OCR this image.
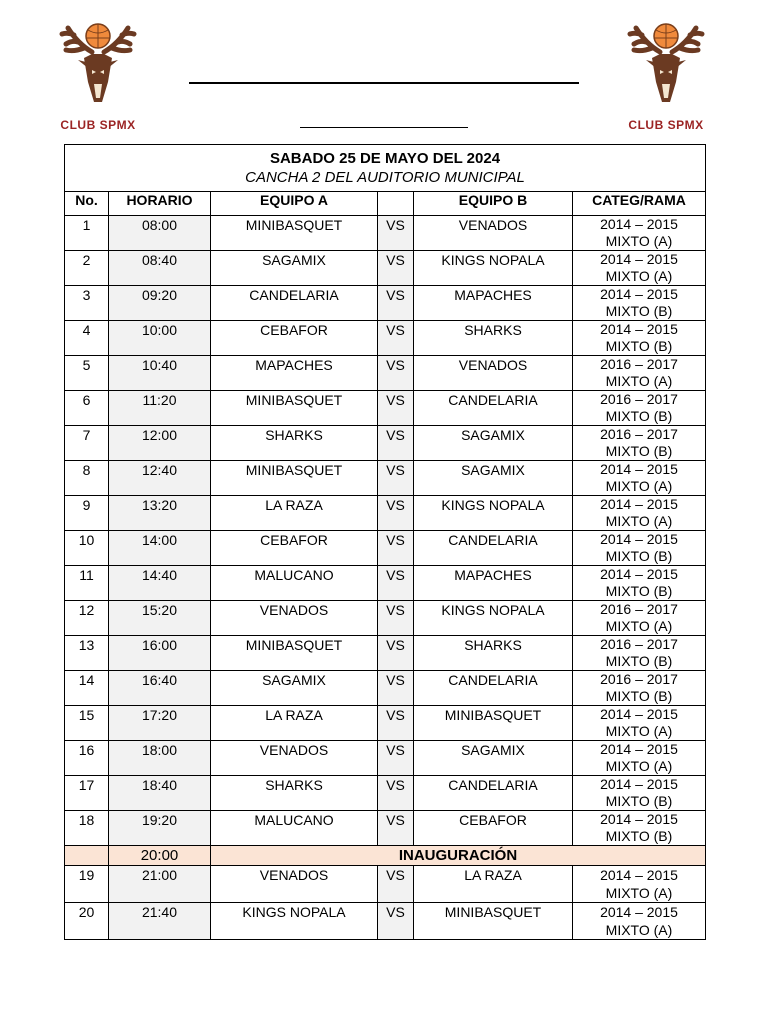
CLUB SPMX	CLUB SPMX
SABADO 25 DE MAYO DEL 2024
CANCHA 2 DEL AUDITORIO MUNICIPAL					

No.	HORARIO	EQUIPO A		EQUIPO B	CATEG/RAMA

1	08:00	MINIBASQUET	VS	VENADOS	2014 – 2015
MIXTO (A)

2	08:40	SAGAMIX	VS	KINGS NOPALA	2014 – 2015
MIXTO (A)

3	09:20	CANDELARIA	VS	MAPACHES	2014 – 2015
MIXTO (B)

4	10:00	CEBAFOR	VS	SHARKS	2014 – 2015
MIXTO (B)

5	10:40	MAPACHES	VS	VENADOS	2016 – 2017
MIXTO (A)

6	11:20	MINIBASQUET	VS	CANDELARIA	2016 – 2017
MIXTO (B)

7	12:00	SHARKS	VS	SAGAMIX	2016 – 2017
MIXTO (B)

8	12:40	MINIBASQUET	VS	SAGAMIX	2014 – 2015
MIXTO (A)

9	13:20	LA RAZA	VS	KINGS NOPALA	2014 – 2015
MIXTO (A)

10	14:00	CEBAFOR	VS	CANDELARIA	2014 – 2015
MIXTO (B)

11	14:40	MALUCANO	VS	MAPACHES	2014 – 2015
MIXTO (B)

12	15:20	VENADOS	VS	KINGS NOPALA	2016 – 2017
MIXTO (A)

13	16:00	MINIBASQUET	VS	SHARKS	2016 – 2017
MIXTO (B)

14	16:40	SAGAMIX	VS	CANDELARIA	2016 – 2017
MIXTO (B)

15	17:20	LA RAZA	VS	MINIBASQUET	2014 – 2015
MIXTO (A)

16	18:00	VENADOS	VS	SAGAMIX	2014 – 2015
MIXTO (A)

17	18:40	SHARKS	VS	CANDELARIA	2014 – 2015
MIXTO (B)

18	19:20	MALUCANO	VS	CEBAFOR	2014 – 2015
MIXTO (B)

	20:00	INAUGURACIÓN			

19	21:00	VENADOS	VS	LA RAZA	2014 – 2015
MIXTO (A)

20	21:40	KINGS NOPALA	VS	MINIBASQUET	2014 – 2015
MIXTO (A)
